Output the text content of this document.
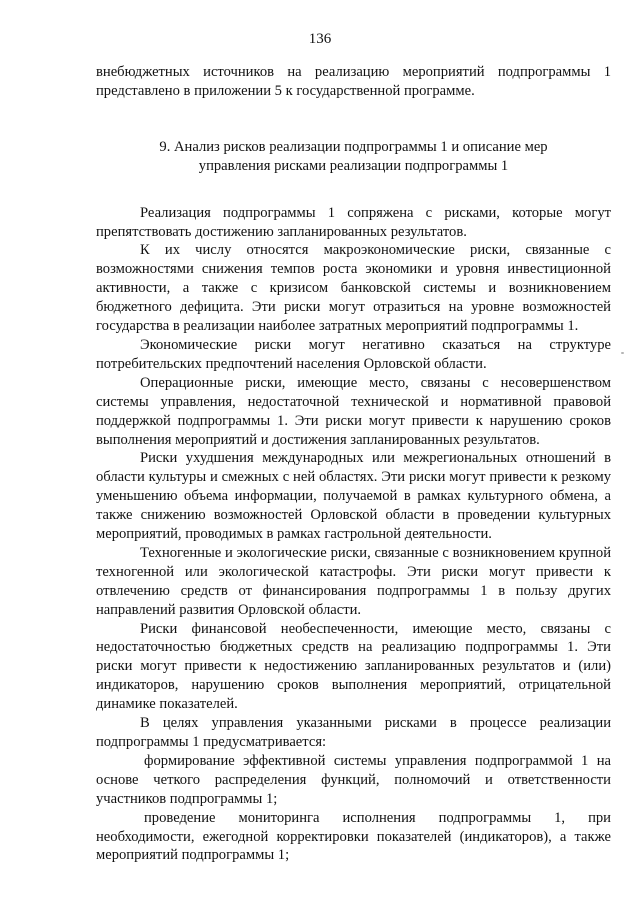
136

внебюджетных источников на реализацию мероприятий подпрограммы 1 представлено в приложении 5 к государственной программе.

9. Анализ рисков реализации подпрограммы 1 и описание мер
управления рисками реализации подпрограммы 1

Реализация подпрограммы 1 сопряжена с рисками, которые могут препятствовать достижению запланированных результатов.

К их числу относятся макроэкономические риски, связанные с возможностями снижения темпов роста экономики и уровня инвестиционной активности, а также с кризисом банковской системы и возникновением бюджетного дефицита. Эти риски могут отразиться на уровне возможностей государства в реализации наиболее затратных мероприятий подпрограммы 1.

Экономические риски могут негативно сказаться на структуре потребительских предпочтений населения Орловской области.

Операционные риски, имеющие место, связаны с несовершенством системы управления, недостаточной технической и нормативной правовой поддержкой подпрограммы 1. Эти риски могут привести к нарушению сроков выполнения мероприятий и достижения запланированных результатов.

Риски ухудшения международных или межрегиональных отношений в области культуры и смежных с ней областях. Эти риски могут привести к резкому уменьшению объема информации, получаемой в рамках культурного обмена, а также снижению возможностей Орловской области в проведении культурных мероприятий, проводимых в рамках гастрольной деятельности.

Техногенные и экологические риски, связанные с возникновением крупной техногенной или экологической катастрофы. Эти риски могут привести к отвлечению средств от финансирования подпрограммы 1 в пользу других направлений развития Орловской области.

Риски финансовой необеспеченности, имеющие место, связаны с недостаточностью бюджетных средств на реализацию подпрограммы 1. Эти риски могут привести к недостижению запланированных результатов и (или) индикаторов, нарушению сроков выполнения мероприятий, отрицательной динамике показателей.

В целях управления указанными рисками в процессе реализации подпрограммы 1 предусматривается:

формирование эффективной системы управления подпрограммой 1 на основе четкого распределения функций, полномочий и ответственности участников подпрограммы 1;

проведение мониторинга исполнения подпрограммы 1, при необходимости, ежегодной корректировки показателей (индикаторов), а также мероприятий подпрограммы 1;
